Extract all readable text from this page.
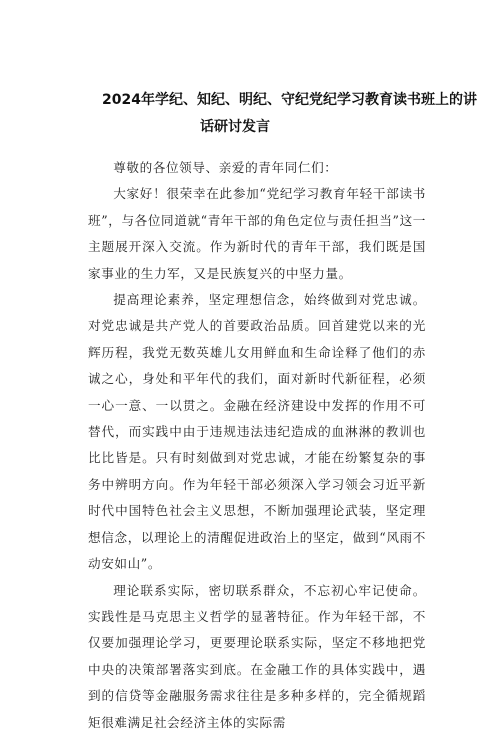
2024年学纪、知纪、明纪、守纪党纪学习教育读书班上的讲
话研讨发言

尊敬的各位领导、亲爱的青年同仁们：

大家好！很荣幸在此参加“党纪学习教育年轻干部读书班”，与各位同道就“青年干部的角色定位与责任担当”这一主题展开深入交流。作为新时代的青年干部，我们既是国家事业的生力军，又是民族复兴的中坚力量。

提高理论素养，坚定理想信念，始终做到对党忠诚。对党忠诚是共产党人的首要政治品质。回首建党以来的光辉历程，我党无数英雄儿女用鲜血和生命诠释了他们的赤诚之心，身处和平年代的我们，面对新时代新征程，必须一心一意、一以贯之。金融在经济建设中发挥的作用不可替代，而实践中由于违规违法违纪造成的血淋淋的教训也比比皆是。只有时刻做到对党忠诚，才能在纷繁复杂的事务中辨明方向。作为年轻干部必须深入学习领会习近平新时代中国特色社会主义思想，不断加强理论武装，坚定理想信念，以理论上的清醒促进政治上的坚定，做到“风雨不动安如山”。

理论联系实际，密切联系群众，不忘初心牢记使命。实践性是马克思主义哲学的显著特征。作为年轻干部，不仅要加强理论学习，更要理论联系实际，坚定不移地把党中央的决策部署落实到底。在金融工作的具体实践中，遇到的信贷等金融服务需求往往是多种多样的，完全循规蹈矩很难满足社会经济主体的实际需
